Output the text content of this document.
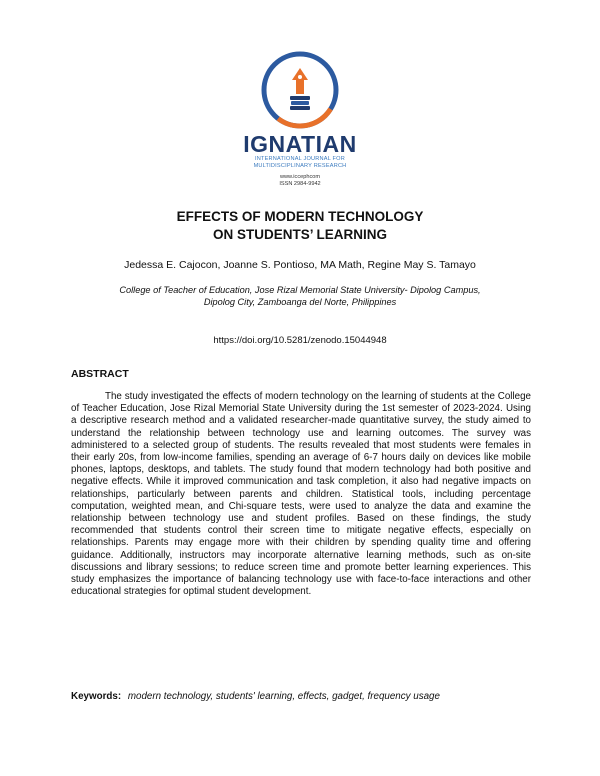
IGNATIAN
INTERNATIONAL JOURNAL FOR
MULTIDISCIPLINARY RESEARCH
www.iccephcom
ISSN 2984-9942
EFFECTS OF MODERN TECHNOLOGY
ON STUDENTS’ LEARNING
Jedessa E. Cajocon, Joanne S. Pontioso, MA Math, Regine May S. Tamayo
College of Teacher of Education, Jose Rizal Memorial State University- Dipolog Campus,
Dipolog City, Zamboanga del Norte, Philippines
https://doi.org/10.5281/zenodo.15044948
ABSTRACT
The study investigated the effects of modern technology on the learning of students at the College of Teacher Education, Jose Rizal Memorial State University during the 1st semester of 2023-2024. Using a descriptive research method and a validated researcher-made quantitative survey, the study aimed to understand the relationship between technology use and learning outcomes. The survey was administered to a selected group of students. The results revealed that most students were females in their early 20s, from low-income families, spending an average of 6-7 hours daily on devices like mobile phones, laptops, desktops, and tablets. The study found that modern technology had both positive and negative effects. While it improved communication and task completion, it also had negative impacts on relationships, particularly between parents and children. Statistical tools, including percentage computation, weighted mean, and Chi-square tests, were used to analyze the data and examine the relationship between technology use and student profiles. Based on these findings, the study recommended that students control their screen time to mitigate negative effects, especially on relationships. Parents may engage more with their children by spending quality time and offering guidance. Additionally, instructors may incorporate alternative learning methods, such as on-site discussions and library sessions; to reduce screen time and promote better learning experiences. This study emphasizes the importance of balancing technology use with face-to-face interactions and other educational strategies for optimal student development.
Keywords: modern technology, students' learning, effects, gadget, frequency usage
